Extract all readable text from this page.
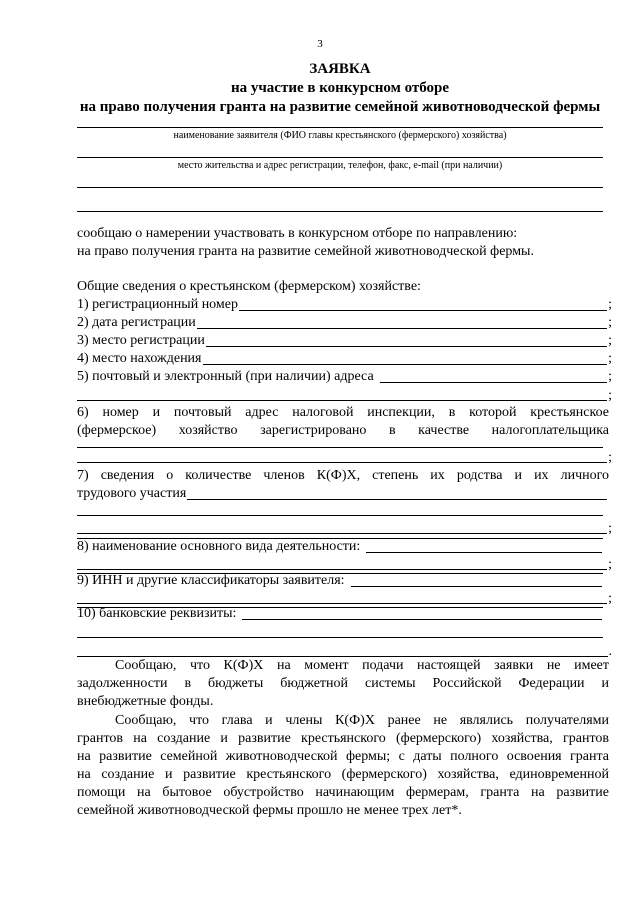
3
ЗАЯВКА
на участие в конкурсном отборе
на право получения гранта на развитие семейной животноводческой фермы
наименование заявителя (ФИО главы крестьянского (фермерского) хозяйства)
место жительства и адрес регистрации, телефон, факс, e-mail (при наличии)
сообщаю о намерении участвовать в конкурсном отборе по направлению:
на право получения гранта на развитие семейной животноводческой фермы.
Общие сведения о крестьянском (фермерском) хозяйстве:
1) регистрационный номер	;
2) дата регистрации	;
3) место регистрации	;
4) место нахождения	;
5) почтовый и электронный (при наличии) адреса	;
;
6) номер и почтовый адрес налоговой инспекции, в которой крестьянское
(фермерское) хозяйство зарегистрировано в качестве налогоплательщика
;
7) сведения о количестве членов К(Ф)Х, степень их родства и их личного
трудового участия
;
8) наименование основного вида деятельности:
;
9) ИНН и другие классификаторы заявителя:
;
10) банковские реквизиты:
.
Сообщаю, что К(Ф)Х на момент подачи настоящей заявки не имеет
задолженности в бюджеты бюджетной системы Российской Федерации и
внебюджетные фонды.
Сообщаю, что глава и члены К(Ф)Х ранее не являлись получателями
грантов на создание и развитие крестьянского (фермерского) хозяйства, грантов
на развитие семейной животноводческой фермы; с даты полного освоения гранта
на создание и развитие крестьянского (фермерского) хозяйства, единовременной
помощи на бытовое обустройство начинающим фермерам, гранта на развитие
семейной животноводческой фермы прошло не менее трех лет*.
